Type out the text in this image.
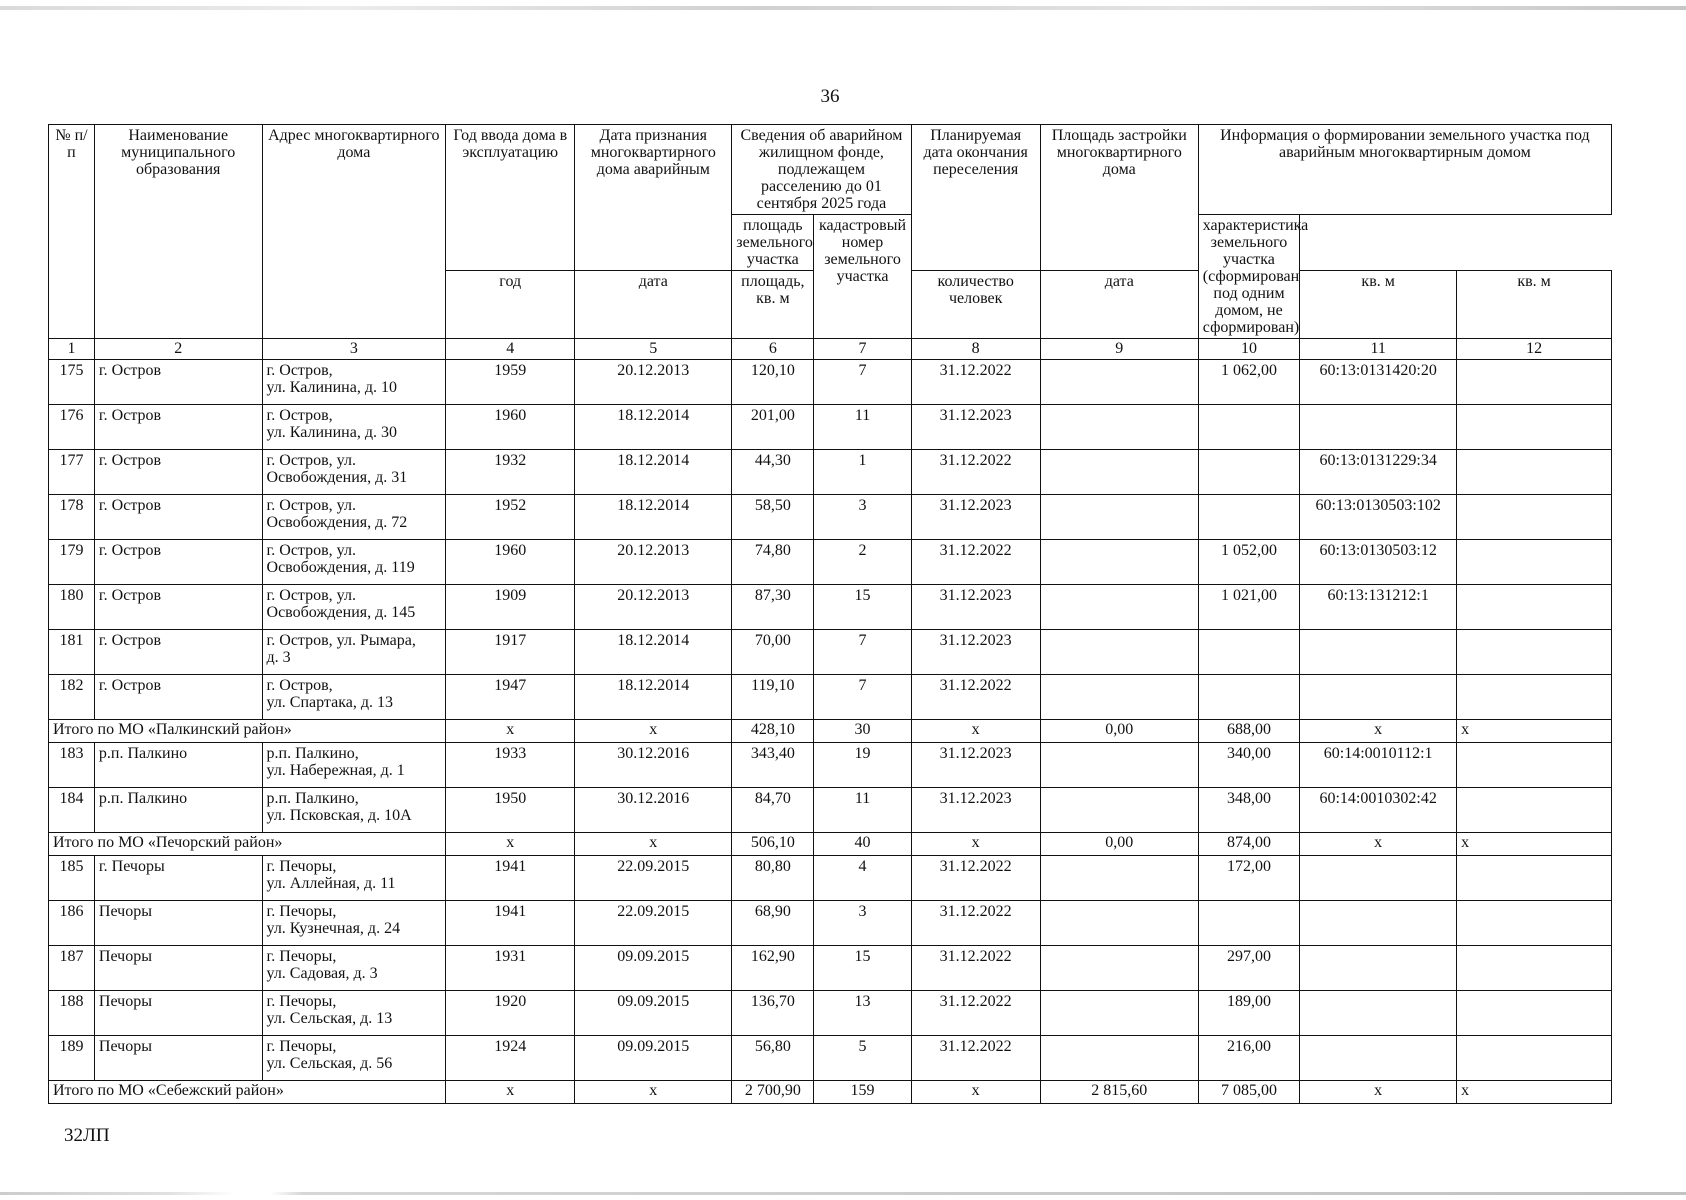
36
№ п/п	Наименование муниципального образования	Адрес многоквартирного дома	Год ввода дома в эксплуатацию	Дата признания многоквартирного дома аварийным	Сведения об аварийном жилищном фонде, подлежащем расселению до 01 сентября 2025 года		Планируемая дата окончания переселения	Площадь застройки многоквартирного дома	Информация о формировании земельного участка под аварийным многоквартирным домом		
					площадь земельного участка	кадастровый номер земельного участка			характеристика земельного участка (сформирован под одним домом, не сформирован)		
			год	дата	площадь, кв. м		количество человек	дата		кв. м	кв. м
1	2	3	4	5	6	7	8	9	10	11	12
175	г. Остров	г. Остров,
ул. Калинина, д. 10	1959	20.12.2013	120,10	7	31.12.2022		1 062,00	60:13:0131420:20	
176	г. Остров	г. Остров,
ул. Калинина, д. 30	1960	18.12.2014	201,00	11	31.12.2023				
177	г. Остров	г. Остров, ул.
Освобождения, д. 31	1932	18.12.2014	44,30	1	31.12.2022			60:13:0131229:34	
178	г. Остров	г. Остров, ул.
Освобождения, д. 72	1952	18.12.2014	58,50	3	31.12.2023			60:13:0130503:102	
179	г. Остров	г. Остров, ул.
Освобождения, д. 119	1960	20.12.2013	74,80	2	31.12.2022		1 052,00	60:13:0130503:12	
180	г. Остров	г. Остров, ул.
Освобождения, д. 145	1909	20.12.2013	87,30	15	31.12.2023		1 021,00	60:13:131212:1	
181	г. Остров	г. Остров, ул. Рымара,
д. 3	1917	18.12.2014	70,00	7	31.12.2023				
182	г. Остров	г. Остров,
ул. Спартака, д. 13	1947	18.12.2014	119,10	7	31.12.2022				
Итого по МО «Палкинский район»			x	x	428,10	30	x	0,00	688,00	x	x
183	р.п. Палкино	р.п. Палкино,
ул. Набережная, д. 1	1933	30.12.2016	343,40	19	31.12.2023		340,00	60:14:0010112:1	
184	р.п. Палкино	р.п. Палкино,
ул. Псковская, д. 10А	1950	30.12.2016	84,70	11	31.12.2023		348,00	60:14:0010302:42	
Итого по МО «Печорский район»			x	x	506,10	40	x	0,00	874,00	x	x
185	г. Печоры	г. Печоры,
ул. Аллейная, д. 11	1941	22.09.2015	80,80	4	31.12.2022		172,00		
186	Печоры	г. Печоры,
ул. Кузнечная, д. 24	1941	22.09.2015	68,90	3	31.12.2022				
187	Печоры	г. Печоры,
ул. Садовая, д. 3	1931	09.09.2015	162,90	15	31.12.2022		297,00		
188	Печоры	г. Печоры,
ул. Сельская, д. 13	1920	09.09.2015	136,70	13	31.12.2022		189,00		
189	Печоры	г. Печоры,
ул. Сельская, д. 56	1924	09.09.2015	56,80	5	31.12.2022		216,00		
Итого по МО «Себежский район»			x	x	2 700,90	159	x	2 815,60	7 085,00	x	x
32ЛП
